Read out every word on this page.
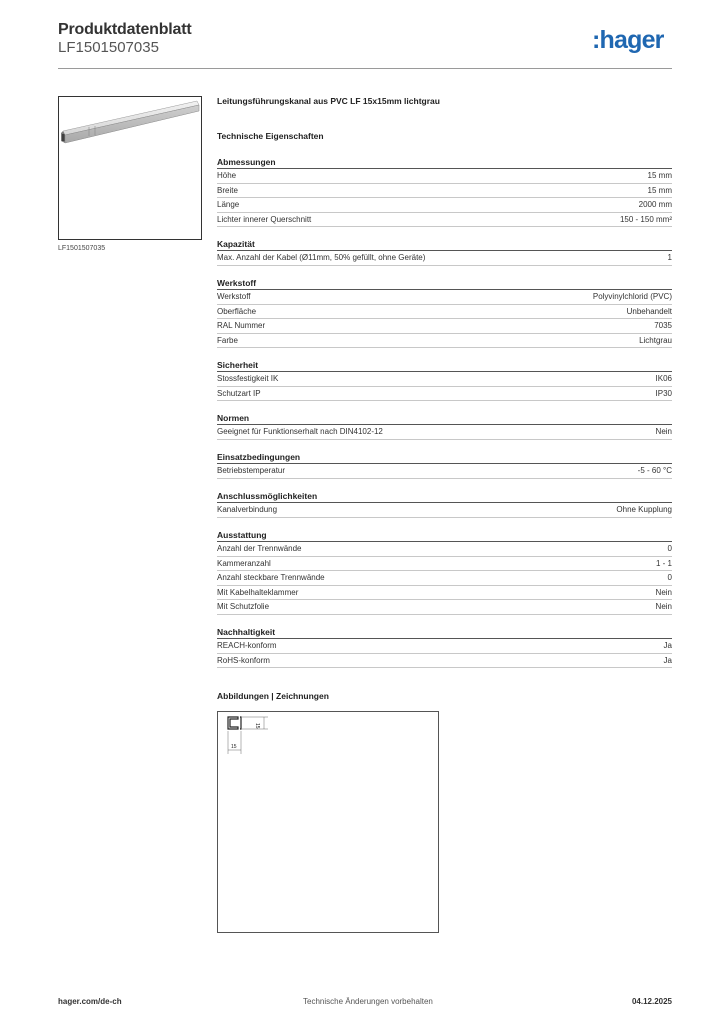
Produktdatenblatt
LF1501507035	:hager
LF1501507035
Leitungsführungskanal aus PVC LF 15x15mm lichtgrau
Technische Eigenschaften
Abmessungen
Höhe	15 mm
Breite	15 mm
Länge	2000 mm
Lichter innerer Querschnitt	150 - 150 mm²
Kapazität
Max. Anzahl der Kabel (Ø11mm, 50% gefüllt, ohne Geräte)	1
Werkstoff
Werkstoff	Polyvinylchlorid (PVC)
Oberfläche	Unbehandelt
RAL Nummer	7035
Farbe	Lichtgrau
Sicherheit
Stossfestigkeit IK	IK06
Schutzart IP	IP30
Normen
Geeignet für Funktionserhalt nach DIN4102-12	Nein
Einsatzbedingungen
Betriebstemperatur	-5 - 60 °C
Anschlussmöglichkeiten
Kanalverbindung	Ohne Kupplung
Ausstattung
Anzahl der Trennwände	0
Kammeranzahl	1 - 1
Anzahl steckbare Trennwände	0
Mit Kabelhalteklammer	Nein
Mit Schutzfolie	Nein
Nachhaltigkeit
REACH-konform	Ja
RoHS-konform	Ja
Abbildungen | Zeichnungen
15
15
hager.com/de-ch	Technische Änderungen vorbehalten	04.12.2025
